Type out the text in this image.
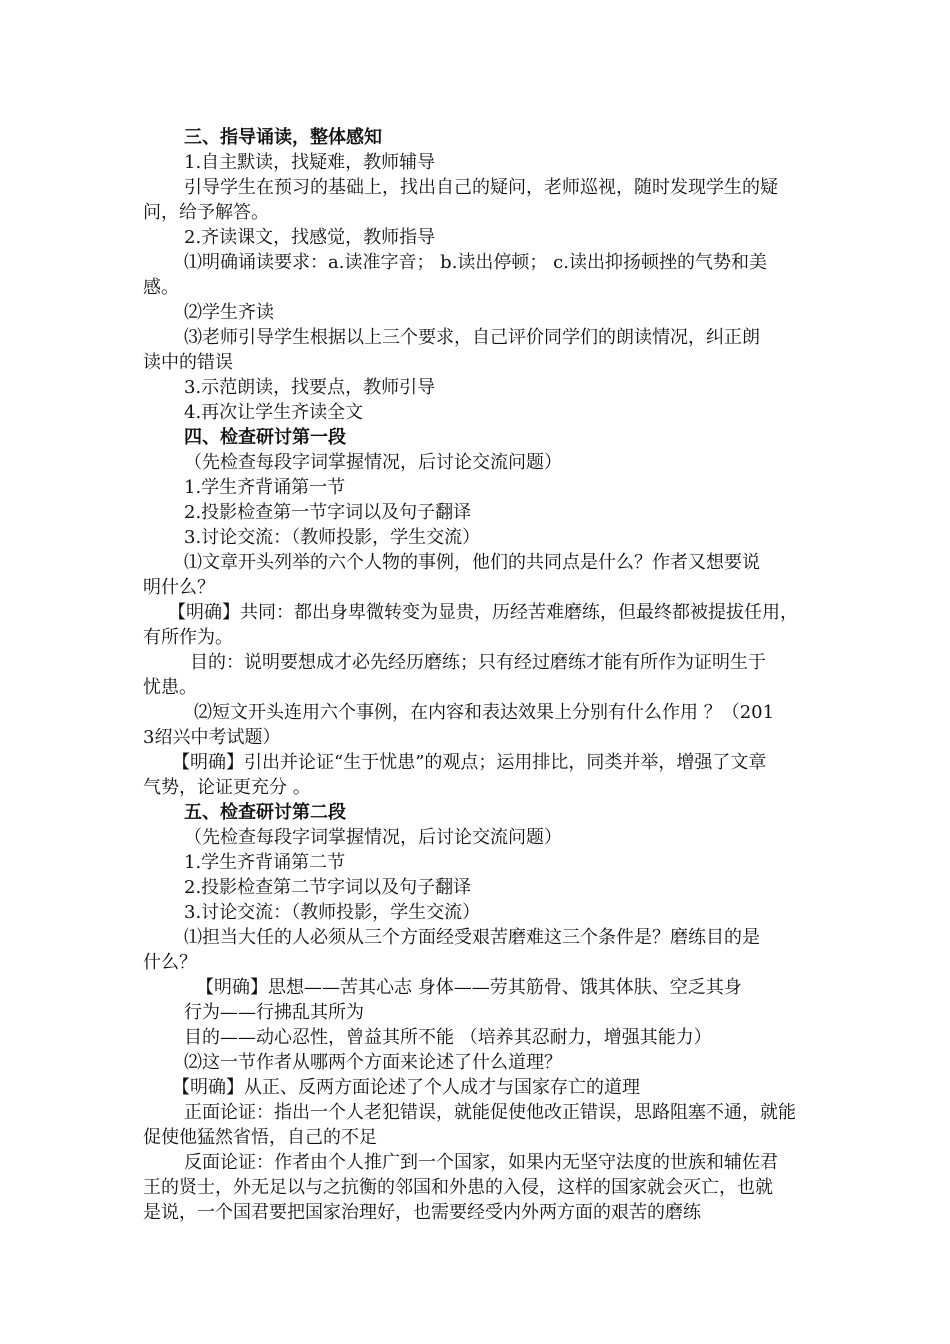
三、指导诵读，整体感知
1.自主默读，找疑难，教师辅导
引导学生在预习的基础上，找出自己的疑问，老师巡视，随时发现学生的疑
问，给予解答。
2.齐读课文，找感觉，教师指导
⑴明确诵读要求：a.读准字音； b.读出停顿； c.读出抑扬顿挫的气势和美
感。
⑵学生齐读
⑶老师引导学生根据以上三个要求，自己评价同学们的朗读情况，纠正朗
读中的错误
3.示范朗读，找要点，教师引导
4.再次让学生齐读全文
四、检查研讨第一段
（先检查每段字词掌握情况，后讨论交流问题）
1.学生齐背诵第一节
2.投影检查第一节字词以及句子翻译
3.讨论交流：（教师投影，学生交流）
⑴文章开头列举的六个人物的事例，他们的共同点是什么？作者又想要说
明什么？
【明确】共同：都出身卑微转变为显贵，历经苦难磨练，但最终都被提拔任用，
有所作为。
目的：说明要想成才必先经历磨练；只有经过磨练才能有所作为证明生于
忧患。
⑵短文开头连用六个事例，在内容和表达效果上分别有什么作用 ？（201
3绍兴中考试题）
【明确】引出并论证“生于忧患”的观点；运用排比，同类并举，增强了文章
气势，论证更充分 。
五、检查研讨第二段
（先检查每段字词掌握情况，后讨论交流问题）
1.学生齐背诵第二节
2.投影检查第二节字词以及句子翻译
3.讨论交流：（教师投影，学生交流）
⑴担当大任的人必须从三个方面经受艰苦磨难这三个条件是？磨练目的是
什么？
【明确】思想——苦其心志 身体——劳其筋骨、饿其体肤、空乏其身
行为——行拂乱其所为
目的——动心忍性，曾益其所不能 （培养其忍耐力，增强其能力）
⑵这一节作者从哪两个方面来论述了什么道理？
【明确】从正、反两方面论述了个人成才与国家存亡的道理
正面论证：指出一个人老犯错误，就能促使他改正错误，思路阻塞不通，就能
促使他猛然省悟，自己的不足
反面论证：作者由个人推广到一个国家，如果内无坚守法度的世族和辅佐君
王的贤士，外无足以与之抗衡的邻国和外患的入侵，这样的国家就会灭亡，也就
是说，一个国君要把国家治理好，也需要经受内外两方面的艰苦的磨练
